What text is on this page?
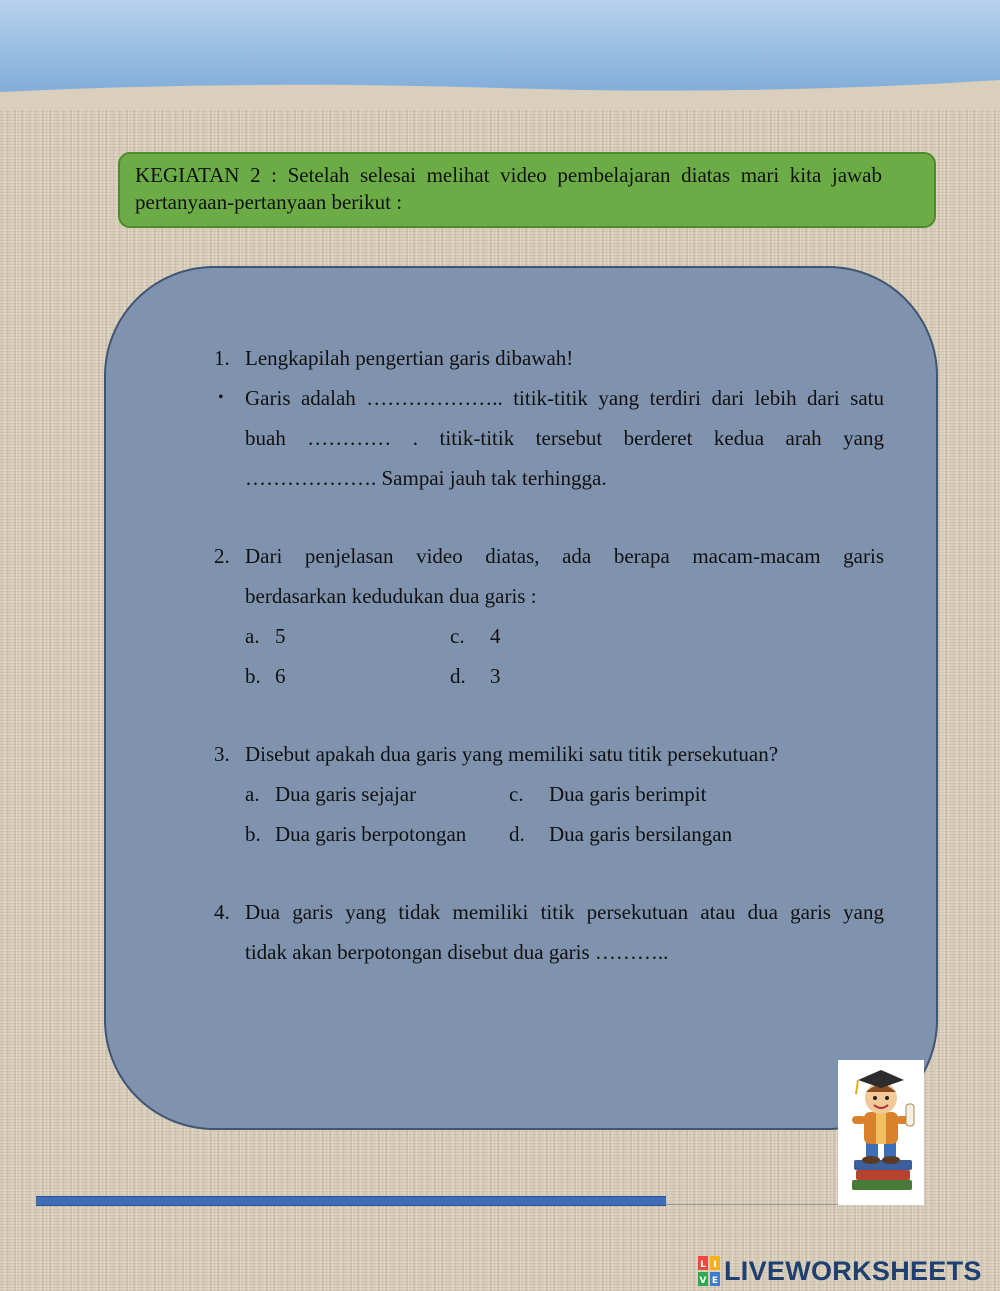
KEGIATAN 2 : Setelah selesai melihat video pembelajaran diatas mari kita jawab pertanyaan-pertanyaan berikut :
1. Lengkapilah pengertian garis dibawah!
• Garis adalah ……………….. titik-titik yang terdiri dari lebih dari satu
buah ………… . titik-titik tersebut berderet kedua arah yang
………………. Sampai jauh tak terhingga.
2. Dari penjelasan video diatas, ada berapa macam-macam garis
berdasarkan kedudukan dua garis :
a. 5	c. 4
b. 6	d. 3
3. Disebut apakah dua garis yang memiliki satu titik persekutuan?
a. Dua garis sejajar	c. Dua garis berimpit
b. Dua garis berpotongan d. Dua garis bersilangan
4. Dua garis yang tidak memiliki titik persekutuan atau dua garis yang
tidak akan berpotongan disebut dua garis ………..
L I
V E LIVEWORKSHEETS
